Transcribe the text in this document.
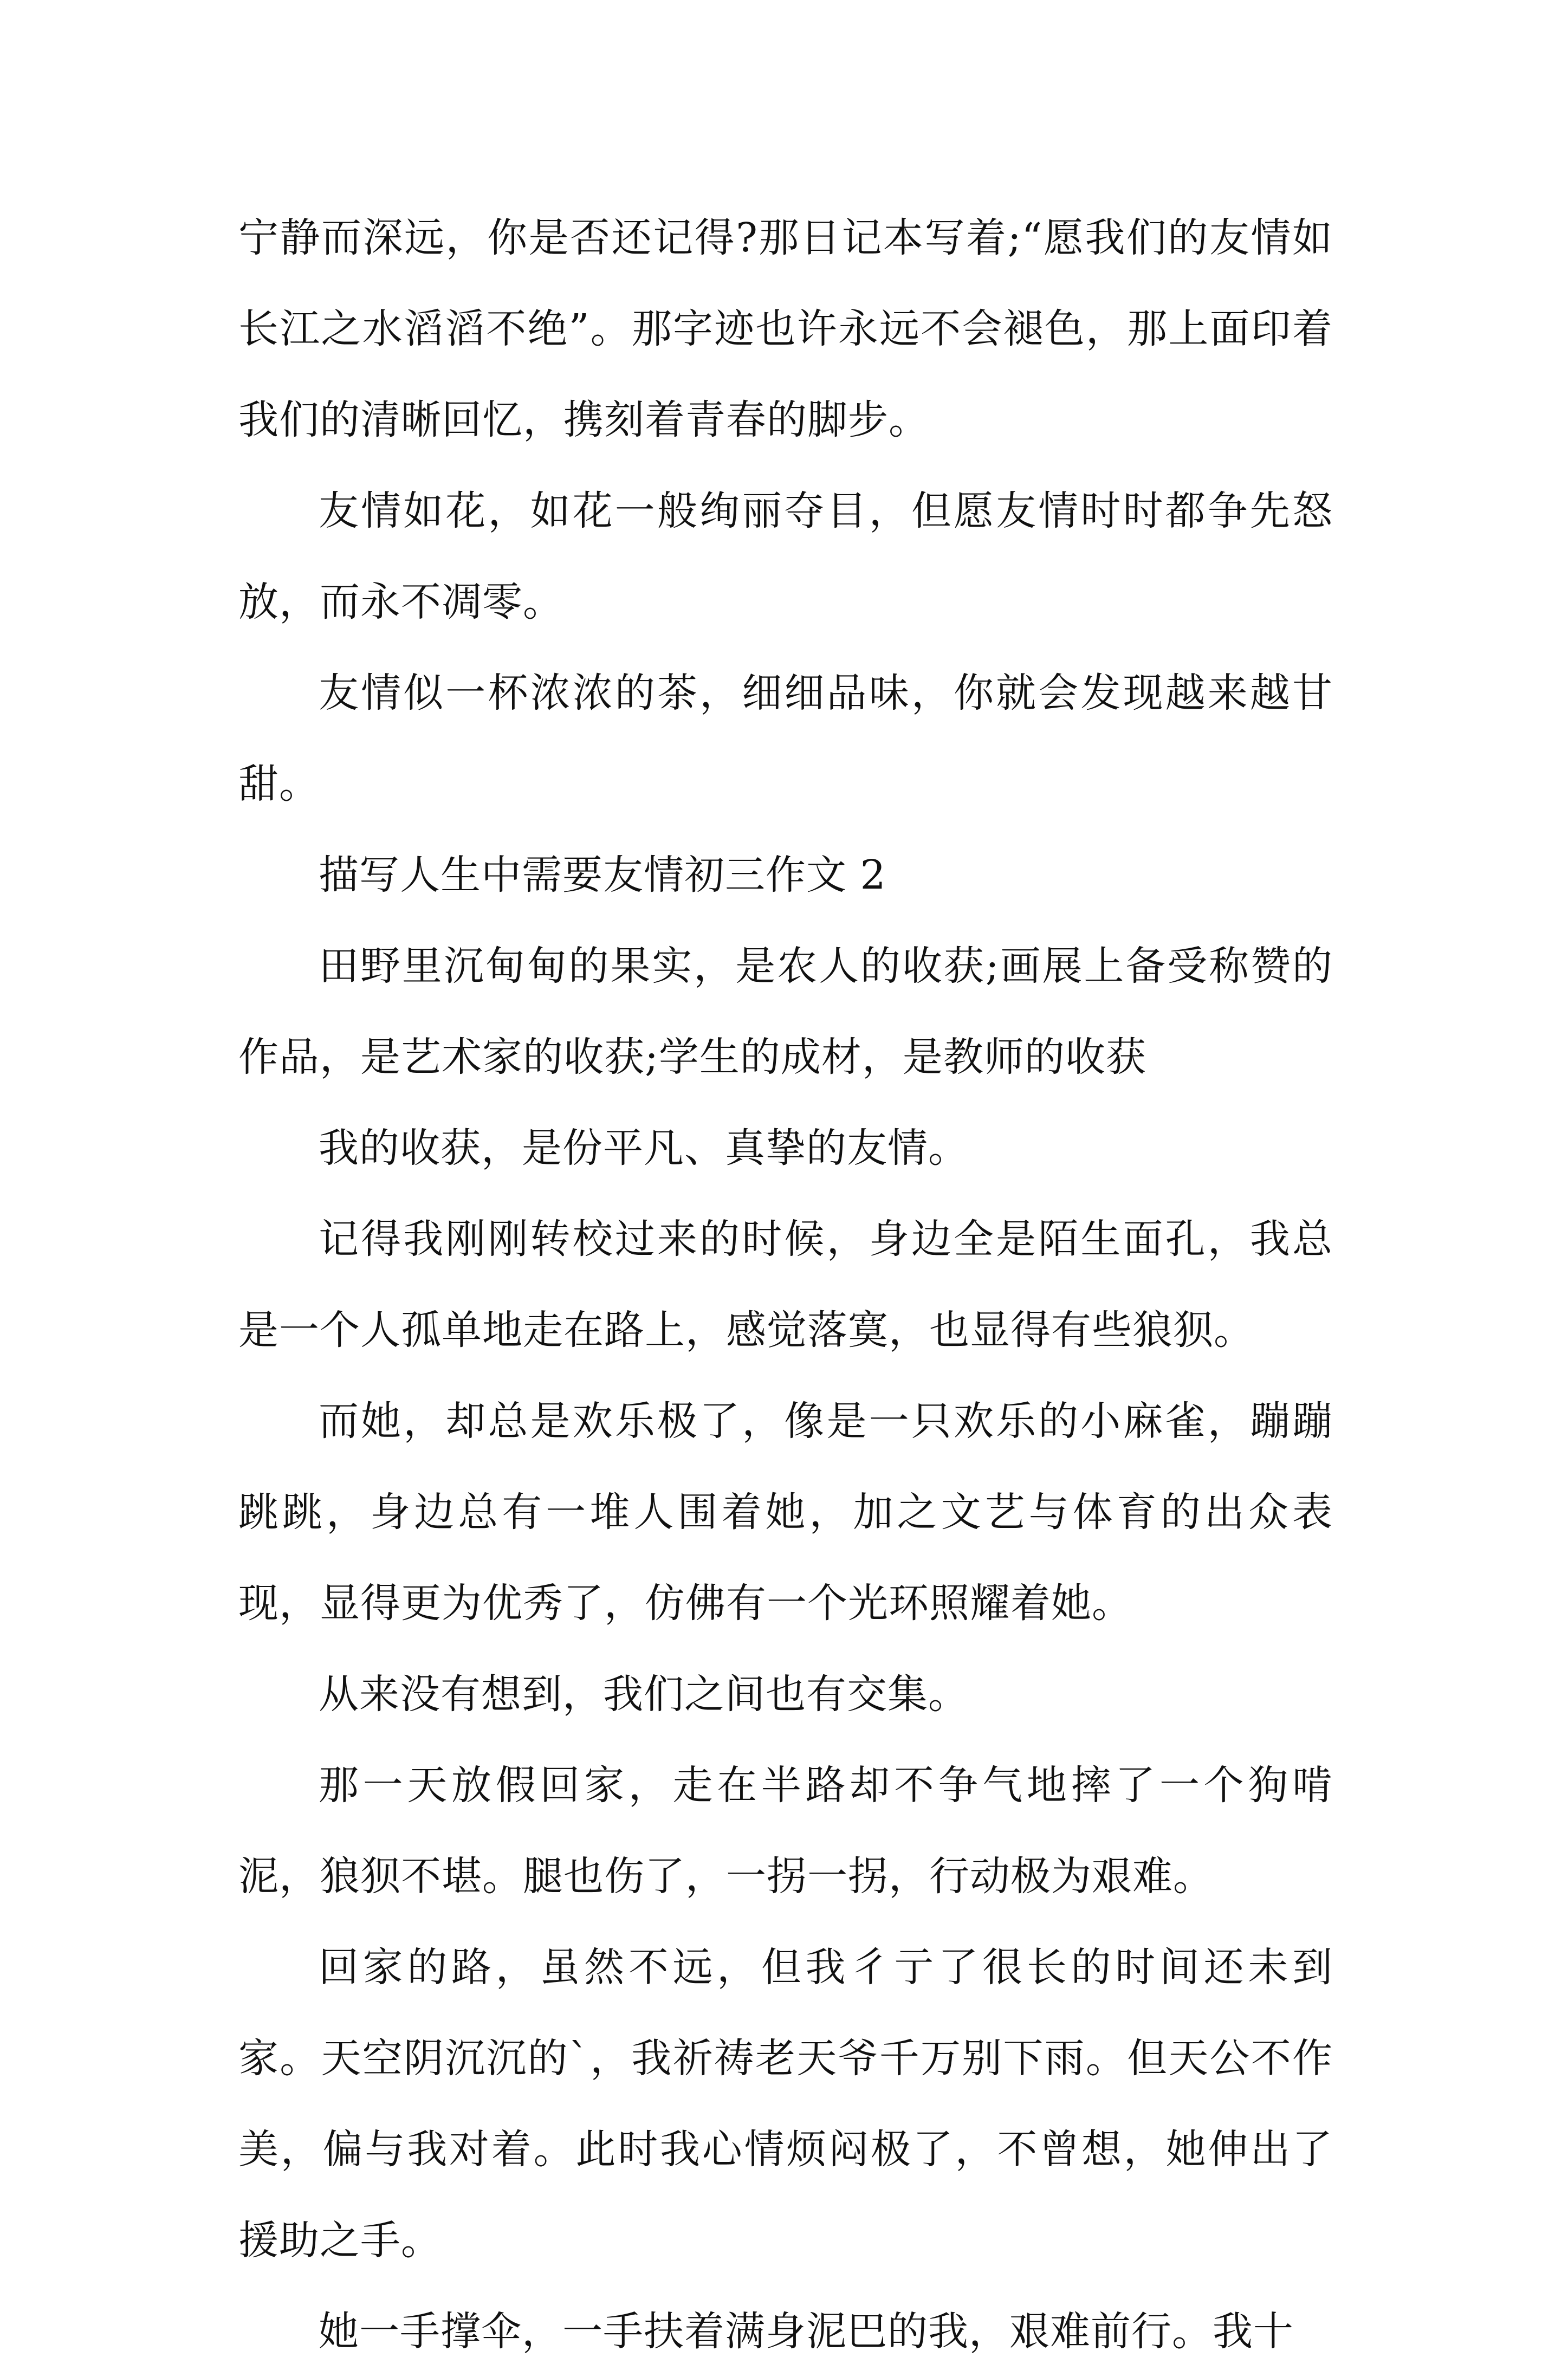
宁静而深远，你是否还记得?那日记本写着;“愿我们的友情如长江之水滔滔不绝”。那字迹也许永远不会褪色，那上面印着我们的清晰回忆，携刻着青春的脚步。

友情如花，如花一般绚丽夺目，但愿友情时时都争先怒放，而永不凋零。

友情似一杯浓浓的茶，细细品味，你就会发现越来越甘甜。

描写人生中需要友情初三作文 2

田野里沉甸甸的果实，是农人的收获;画展上备受称赞的作品，是艺术家的收获;学生的成材，是教师的收获

我的收获，是份平凡、真挚的友情。

记得我刚刚转校过来的时候，身边全是陌生面孔，我总是一个人孤单地走在路上，感觉落寞，也显得有些狼狈。

而她，却总是欢乐极了，像是一只欢乐的小麻雀，蹦蹦跳跳，身边总有一堆人围着她，加之文艺与体育的出众表现，显得更为优秀了，仿佛有一个光环照耀着她。

从来没有想到，我们之间也有交集。

那一天放假回家，走在半路却不争气地摔了一个狗啃泥，狼狈不堪。腿也伤了，一拐一拐，行动极为艰难。

回家的路，虽然不远，但我彳亍了很长的时间还未到家。天空阴沉沉的`，我祈祷老天爷千万别下雨。但天公不作美，偏与我对着。此时我心情烦闷极了，不曾想，她伸出了援助之手。

她一手撑伞，一手扶着满身泥巴的我，艰难前行。我十
